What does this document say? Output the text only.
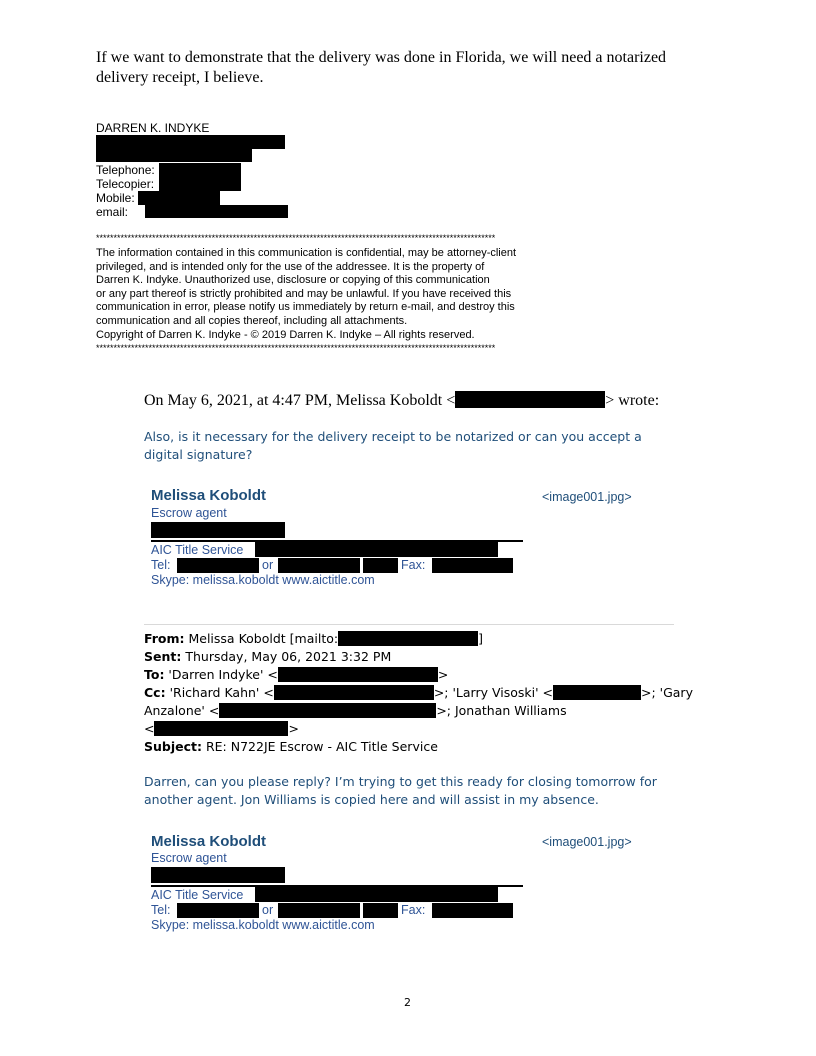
If we want to demonstrate that the delivery was done in Florida, we will need a notarized delivery receipt, I believe.
DARREN K. INDYKE
Telephone:
Telecopier:
Mobile:
email:
******************************************************************************************************************
The information contained in this communication is confidential, may be attorney-client
privileged, and is intended only for the use of the addressee. It is the property of
Darren K. Indyke. Unauthorized use, disclosure or copying of this communication
or any part thereof is strictly prohibited and may be unlawful. If you have received this
communication in error, please notify us immediately by return e-mail, and destroy this
communication and all copies thereof, including all attachments.
Copyright of Darren K. Indyke - © 2019 Darren K. Indyke – All rights reserved.
******************************************************************************************************************
On May 6, 2021, at 4:47 PM, Melissa Koboldt <	> wrote:
Also, is it necessary for the delivery receipt to be notarized or can you accept a digital signature?
Melissa Koboldt	<image001.jpg>
Escrow agent
AIC Title Service
Tel:	or	Fax:
Skype: melissa.koboldt www.aictitle.com
From: Melissa Koboldt [mailto:	]
Sent: Thursday, May 06, 2021 3:32 PM
To: 'Darren Indyke' <	>
Cc: 'Richard Kahn' <	>; 'Larry Visoski' <	>; 'Gary
Anzalone' <	>; Jonathan Williams
<	>
Subject: RE: N722JE Escrow - AIC Title Service
Darren, can you please reply? I’m trying to get this ready for closing tomorrow for another agent. Jon Williams is copied here and will assist in my absence.
Melissa Koboldt	<image001.jpg>
Escrow agent
AIC Title Service
Tel:	or	Fax:
Skype: melissa.koboldt www.aictitle.com
2
